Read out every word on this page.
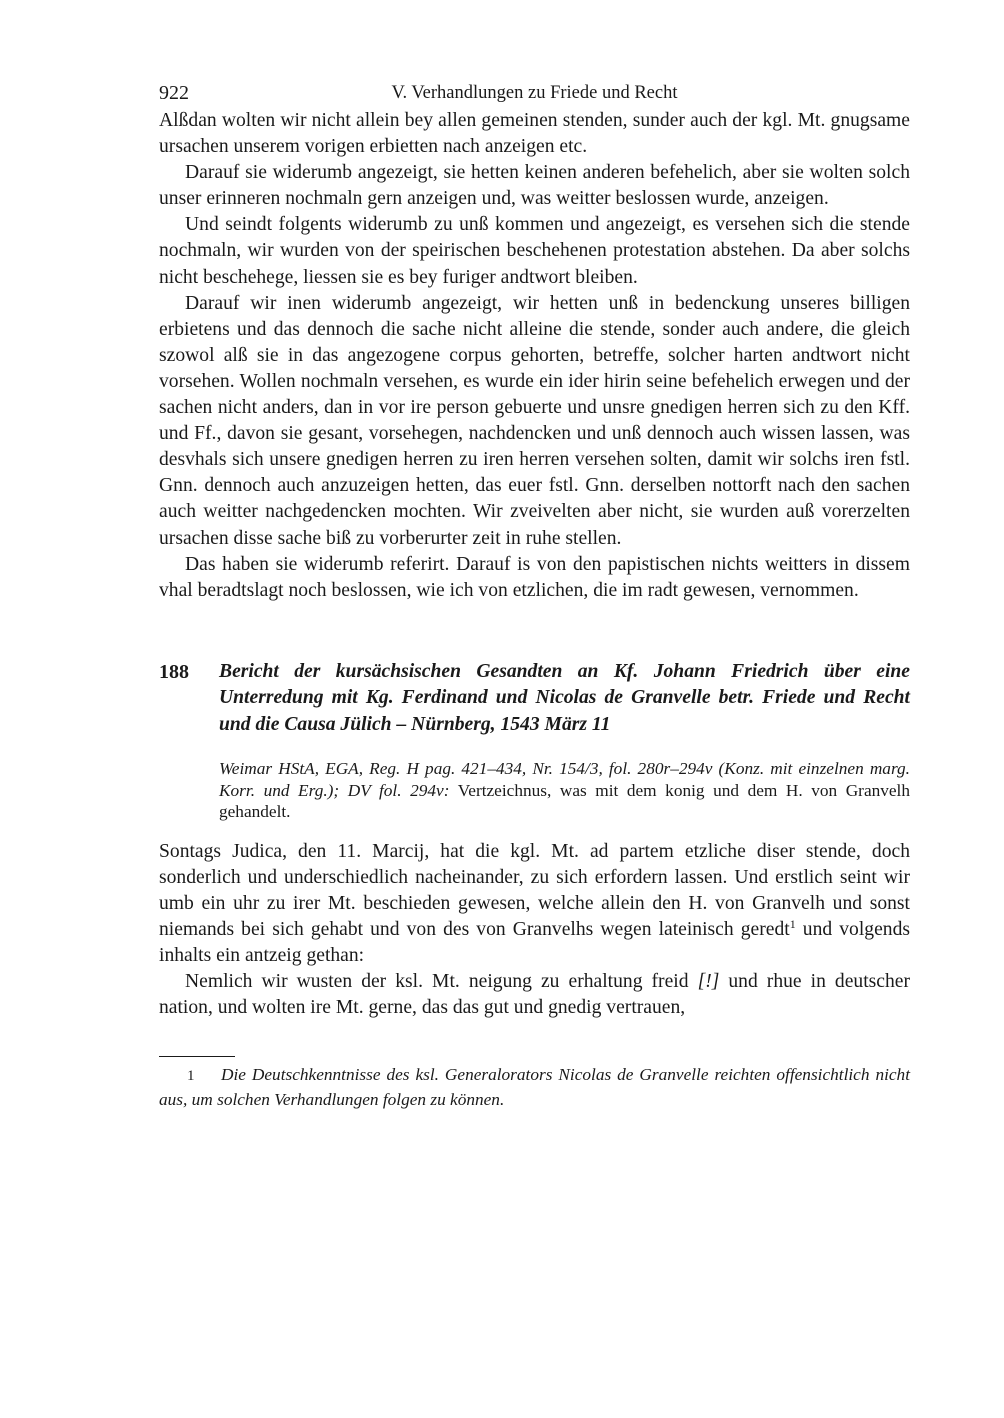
922	V. Verhandlungen zu Friede und Recht

Alßdan wolten wir nicht allein bey allen gemeinen stenden, sunder auch der kgl. Mt. gnugsame ursachen unserem vorigen erbietten nach anzeigen etc.

Darauf sie widerumb angezeigt, sie hetten keinen anderen befehelich, aber sie wolten solch unser erinneren nochmaln gern anzeigen und, was weitter beslossen wurde, anzeigen.

Und seindt folgents widerumb zu unß kommen und angezeigt, es versehen sich die stende nochmaln, wir wurden von der speirischen beschehenen protestation abstehen. Da aber solchs nicht beschehege, liessen sie es bey furiger andtwort bleiben.

Darauf wir inen widerumb angezeigt, wir hetten unß in bedenckung unseres billigen erbietens und das dennoch die sache nicht alleine die stende, sonder auch andere, die gleich szowol alß sie in das angezogene corpus gehorten, betreffe, solcher harten andtwort nicht vorsehen. Wollen nochmaln versehen, es wurde ein ider hirin seine befehelich erwegen und der sachen nicht anders, dan in vor ire person gebuerte und unsre gnedigen herren sich zu den Kff. und Ff., davon sie gesant, vorsehegen, nachdencken und unß dennoch auch wissen lassen, was desvhals sich unsere gnedigen herren zu iren herren versehen solten, damit wir solchs iren fstl. Gnn. dennoch auch anzuzeigen hetten, das euer fstl. Gnn. derselben nottorft nach den sachen auch weitter nachgedencken mochten. Wir zveivelten aber nicht, sie wurden auß vorerzelten ursachen disse sache biß zu vorberurter zeit in ruhe stellen.

Das haben sie widerumb referirt. Darauf is von den papistischen nichts weitters in dissem vhal beradtslagt noch beslossen, wie ich von etzlichen, die im radt gewesen, vernommen.

188	Bericht der kursächsischen Gesandten an Kf. Johann Friedrich über eine Unterredung mit Kg. Ferdinand und Nicolas de Granvelle betr. Friede und Recht und die Causa Jülich – Nürnberg, 1543 März 11
Weimar HStA, EGA, Reg. H pag. 421–434, Nr. 154/3, fol. 280r–294v (Konz. mit einzelnen marg. Korr. und Erg.); DV fol. 294v: Vertzeichnus, was mit dem konig und dem H. von Granvelh gehandelt.

Sontags Judica, den 11. Marcij, hat die kgl. Mt. ad partem etzliche diser stende, doch sonderlich und underschiedlich nacheinander, zu sich erfordern lassen. Und erstlich seint wir umb ein uhr zu irer Mt. beschieden gewesen, welche allein den H. von Granvelh und sonst niemands bei sich gehabt und von des von Granvelhs wegen lateinisch geredt$^1$ und volgends inhalts ein antzeig gethan:

Nemlich wir wusten der ksl. Mt. neigung zu erhaltung freid [!] und rhue in deutscher nation, und wolten ire Mt. gerne, das das gut und gnedig vertrauen,

1 Die Deutschkenntnisse des ksl. Generalorators Nicolas de Granvelle reichten offensichtlich nicht aus, um solchen Verhandlungen folgen zu können.
